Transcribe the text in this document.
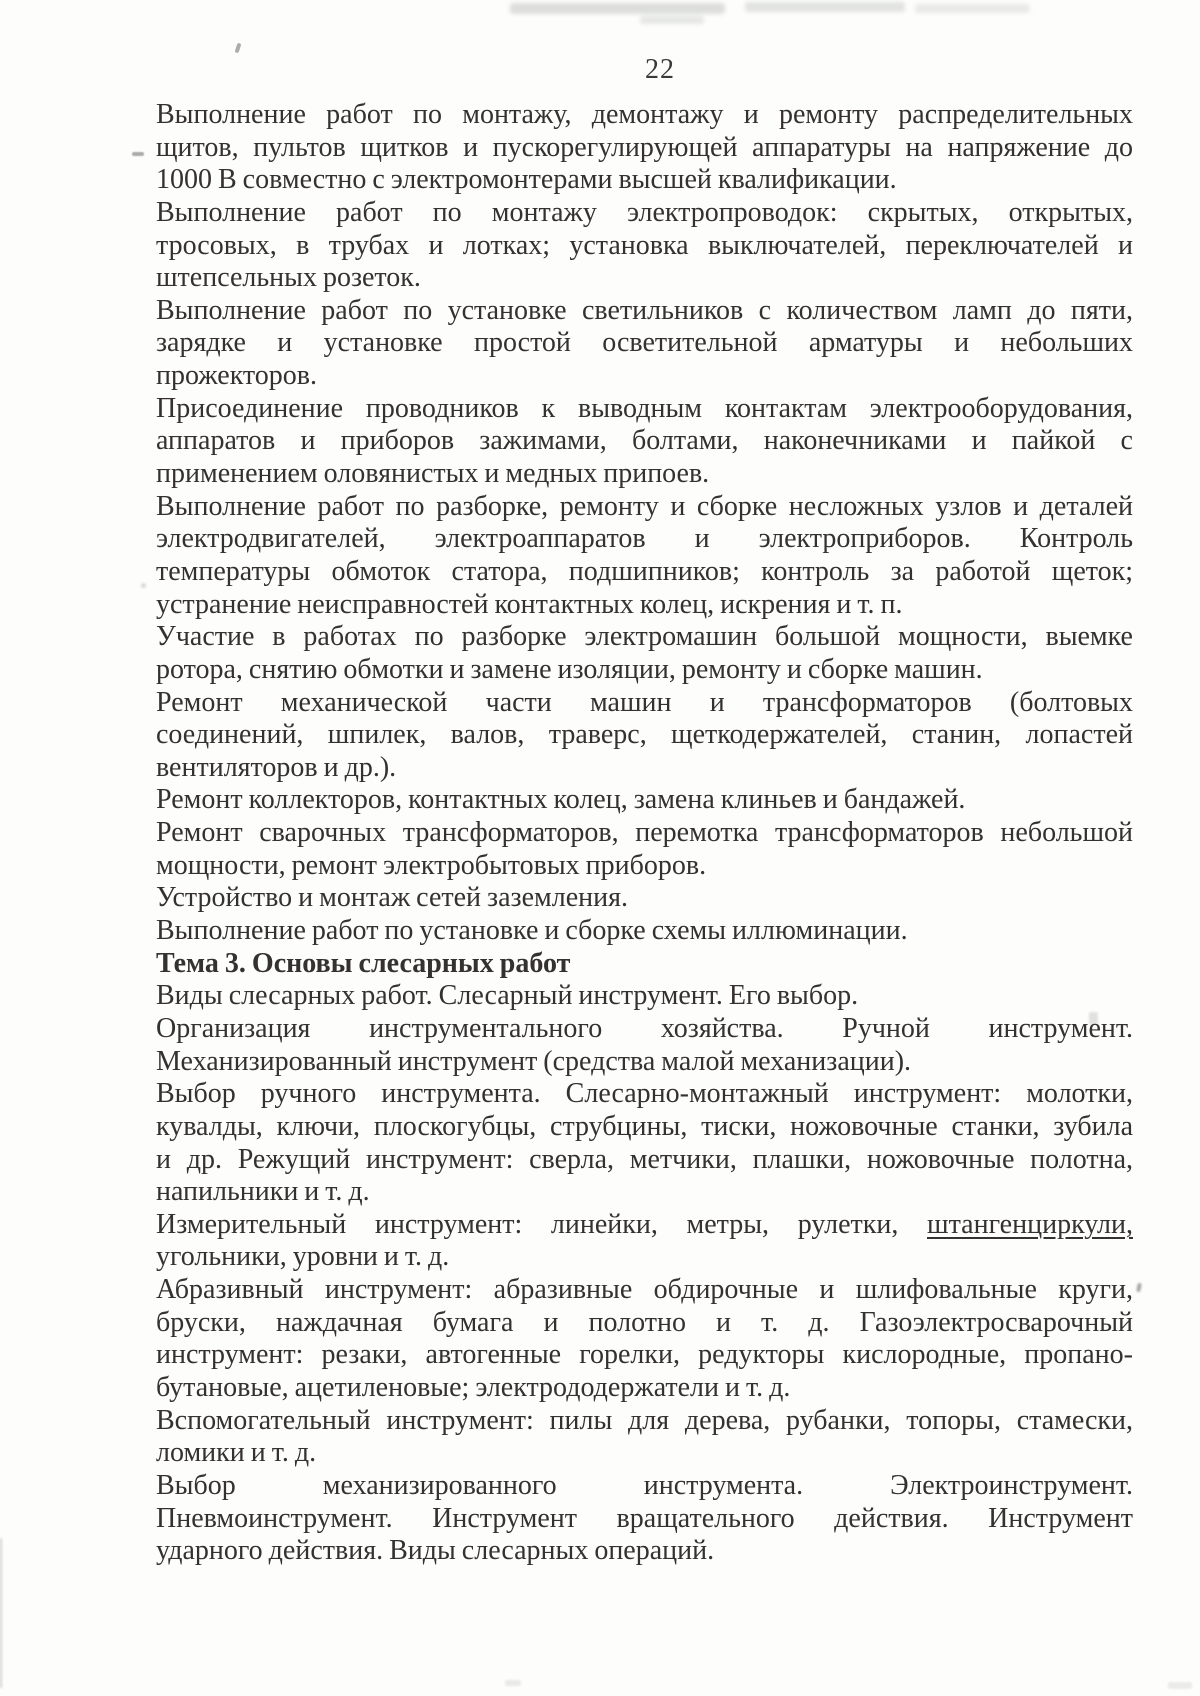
22
Выполнение работ по монтажу, демонтажу и ремонту распределительных
щитов, пультов щитков и пускорегулирующей аппаратуры на напряжение до
1000 В совместно с электромонтерами высшей квалификации.
Выполнение работ по монтажу электропроводок: скрытых, открытых,
тросовых, в трубах и лотках; установка выключателей, переключателей и
штепсельных розеток.
Выполнение работ по установке светильников с количеством ламп до пяти,
зарядке и установке простой осветительной арматуры и небольших
прожекторов.
Присоединение проводников к выводным контактам электрооборудования,
аппаратов и приборов зажимами, болтами, наконечниками и пайкой с
применением оловянистых и медных припоев.
Выполнение работ по разборке, ремонту и сборке несложных узлов и деталей
электродвигателей, электроаппаратов и электроприборов. Контроль
температуры обмоток статора, подшипников; контроль за работой щеток;
устранение неисправностей контактных колец, искрения и т. п.
Участие в работах по разборке электромашин большой мощности, выемке
ротора, снятию обмотки и замене изоляции, ремонту и сборке машин.
Ремонт механической части машин и трансформаторов (болтовых
соединений, шпилек, валов, траверс, щеткодержателей, станин, лопастей
вентиляторов и др.).
Ремонт коллекторов, контактных колец, замена клиньев и бандажей.
Ремонт сварочных трансформаторов, перемотка трансформаторов небольшой
мощности, ремонт электробытовых приборов.
Устройство и монтаж сетей заземления.
Выполнение работ по установке и сборке схемы иллюминации.
Тема 3. Основы слесарных работ
Виды слесарных работ. Слесарный инструмент. Его выбор.
Организация инструментального хозяйства. Ручной инструмент.
Механизированный инструмент (средства малой механизации).
Выбор ручного инструмента. Слесарно-монтажный инструмент: молотки,
кувалды, ключи, плоскогубцы, струбцины, тиски, ножовочные станки, зубила
и др. Режущий инструмент: сверла, метчики, плашки, ножовочные полотна,
напильники и т. д.
Измерительный инструмент: линейки, метры, рулетки, штангенциркули,
угольники, уровни и т. д.
Абразивный инструмент: абразивные обдирочные и шлифовальные круги,
бруски, наждачная бумага и полотно и т. д. Газоэлектросварочный
инструмент: резаки, автогенные горелки, редукторы кислородные, пропано-
бутановые, ацетиленовые; электрододержатели и т. д.
Вспомогательный инструмент: пилы для дерева, рубанки, топоры, стамески,
ломики и т. д.
Выбор механизированного инструмента. Электроинструмент.
Пневмоинструмент. Инструмент вращательного действия. Инструмент
ударного действия. Виды слесарных операций.
